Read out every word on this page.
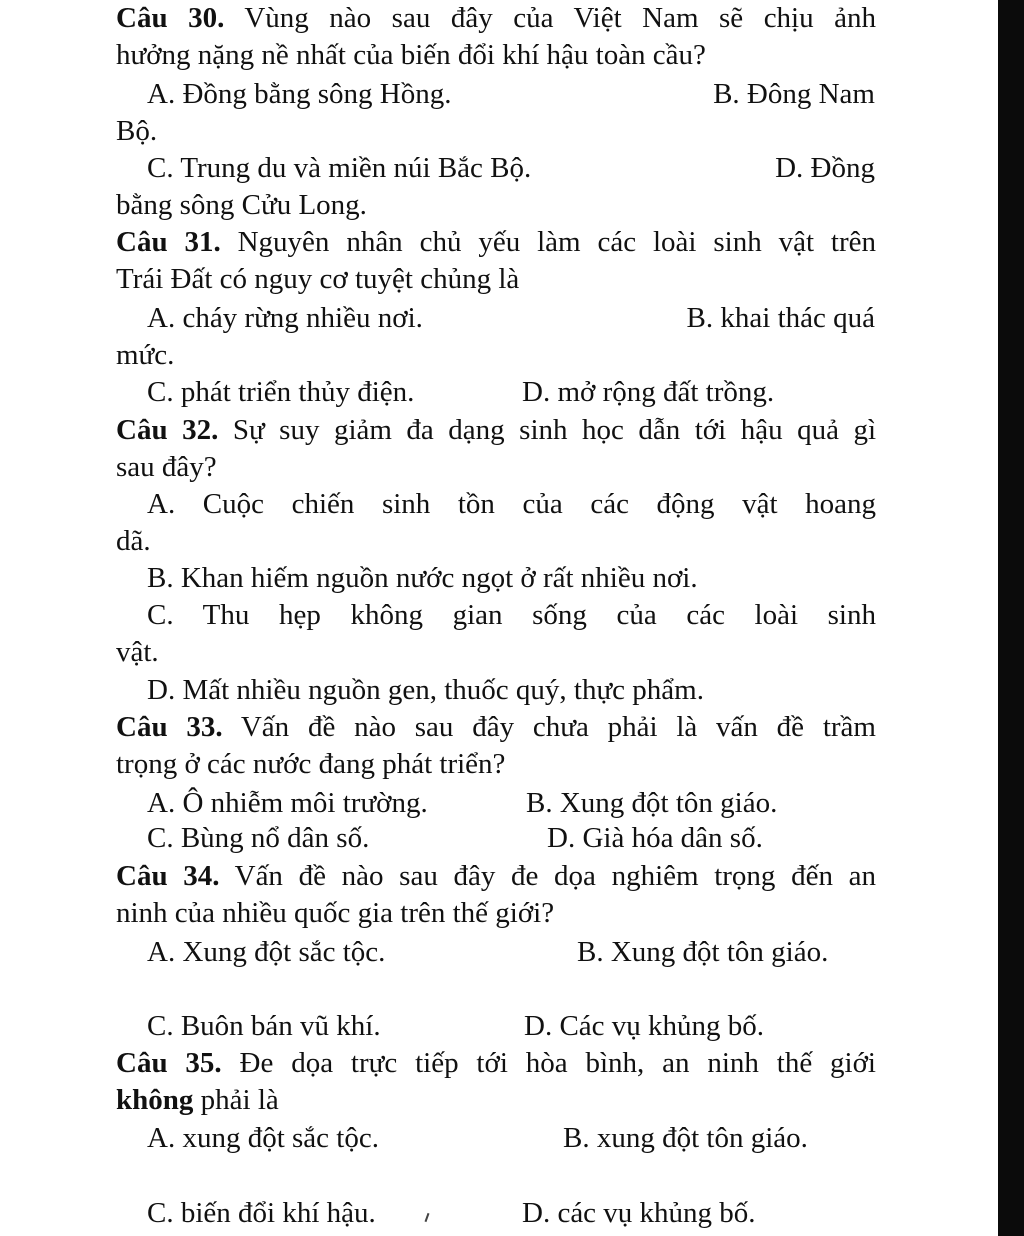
Câu 30. Vùng nào sau đây của Việt Nam sẽ chịu ảnh
hưởng nặng nề nhất của biến đổi khí hậu toàn cầu?
A. Đồng bằng sông Hồng.	B. Đông Nam
Bộ.
C. Trung du và miền núi Bắc Bộ.	D. Đồng
bằng sông Cửu Long.
Câu 31. Nguyên nhân chủ yếu làm các loài sinh vật trên
Trái Đất có nguy cơ tuyệt chủng là
A. cháy rừng nhiều nơi.	B. khai thác quá
mức.
C. phát triển thủy điện.	D. mở rộng đất trồng.
Câu 32. Sự suy giảm đa dạng sinh học dẫn tới hậu quả gì
sau đây?
A. Cuộc chiến sinh tồn của các động vật hoang
dã.
B. Khan hiếm nguồn nước ngọt ở rất nhiều nơi.
C. Thu hẹp không gian sống của các loài sinh
vật.
D. Mất nhiều nguồn gen, thuốc quý, thực phẩm.
Câu 33. Vấn đề nào sau đây chưa phải là vấn đề trầm
trọng ở các nước đang phát triển?
A. Ô nhiễm môi trường.	B. Xung đột tôn giáo.
C. Bùng nổ dân số.	D. Già hóa dân số.
Câu 34. Vấn đề nào sau đây đe dọa nghiêm trọng đến an
ninh của nhiều quốc gia trên thế giới?
A. Xung đột sắc tộc.	B. Xung đột tôn giáo.
C. Buôn bán vũ khí.	D. Các vụ khủng bố.
Câu 35. Đe dọa trực tiếp tới hòa bình, an ninh thế giới
không phải là
A. xung đột sắc tộc.	B. xung đột tôn giáo.
C. biến đổi khí hậu.	D. các vụ khủng bố.
